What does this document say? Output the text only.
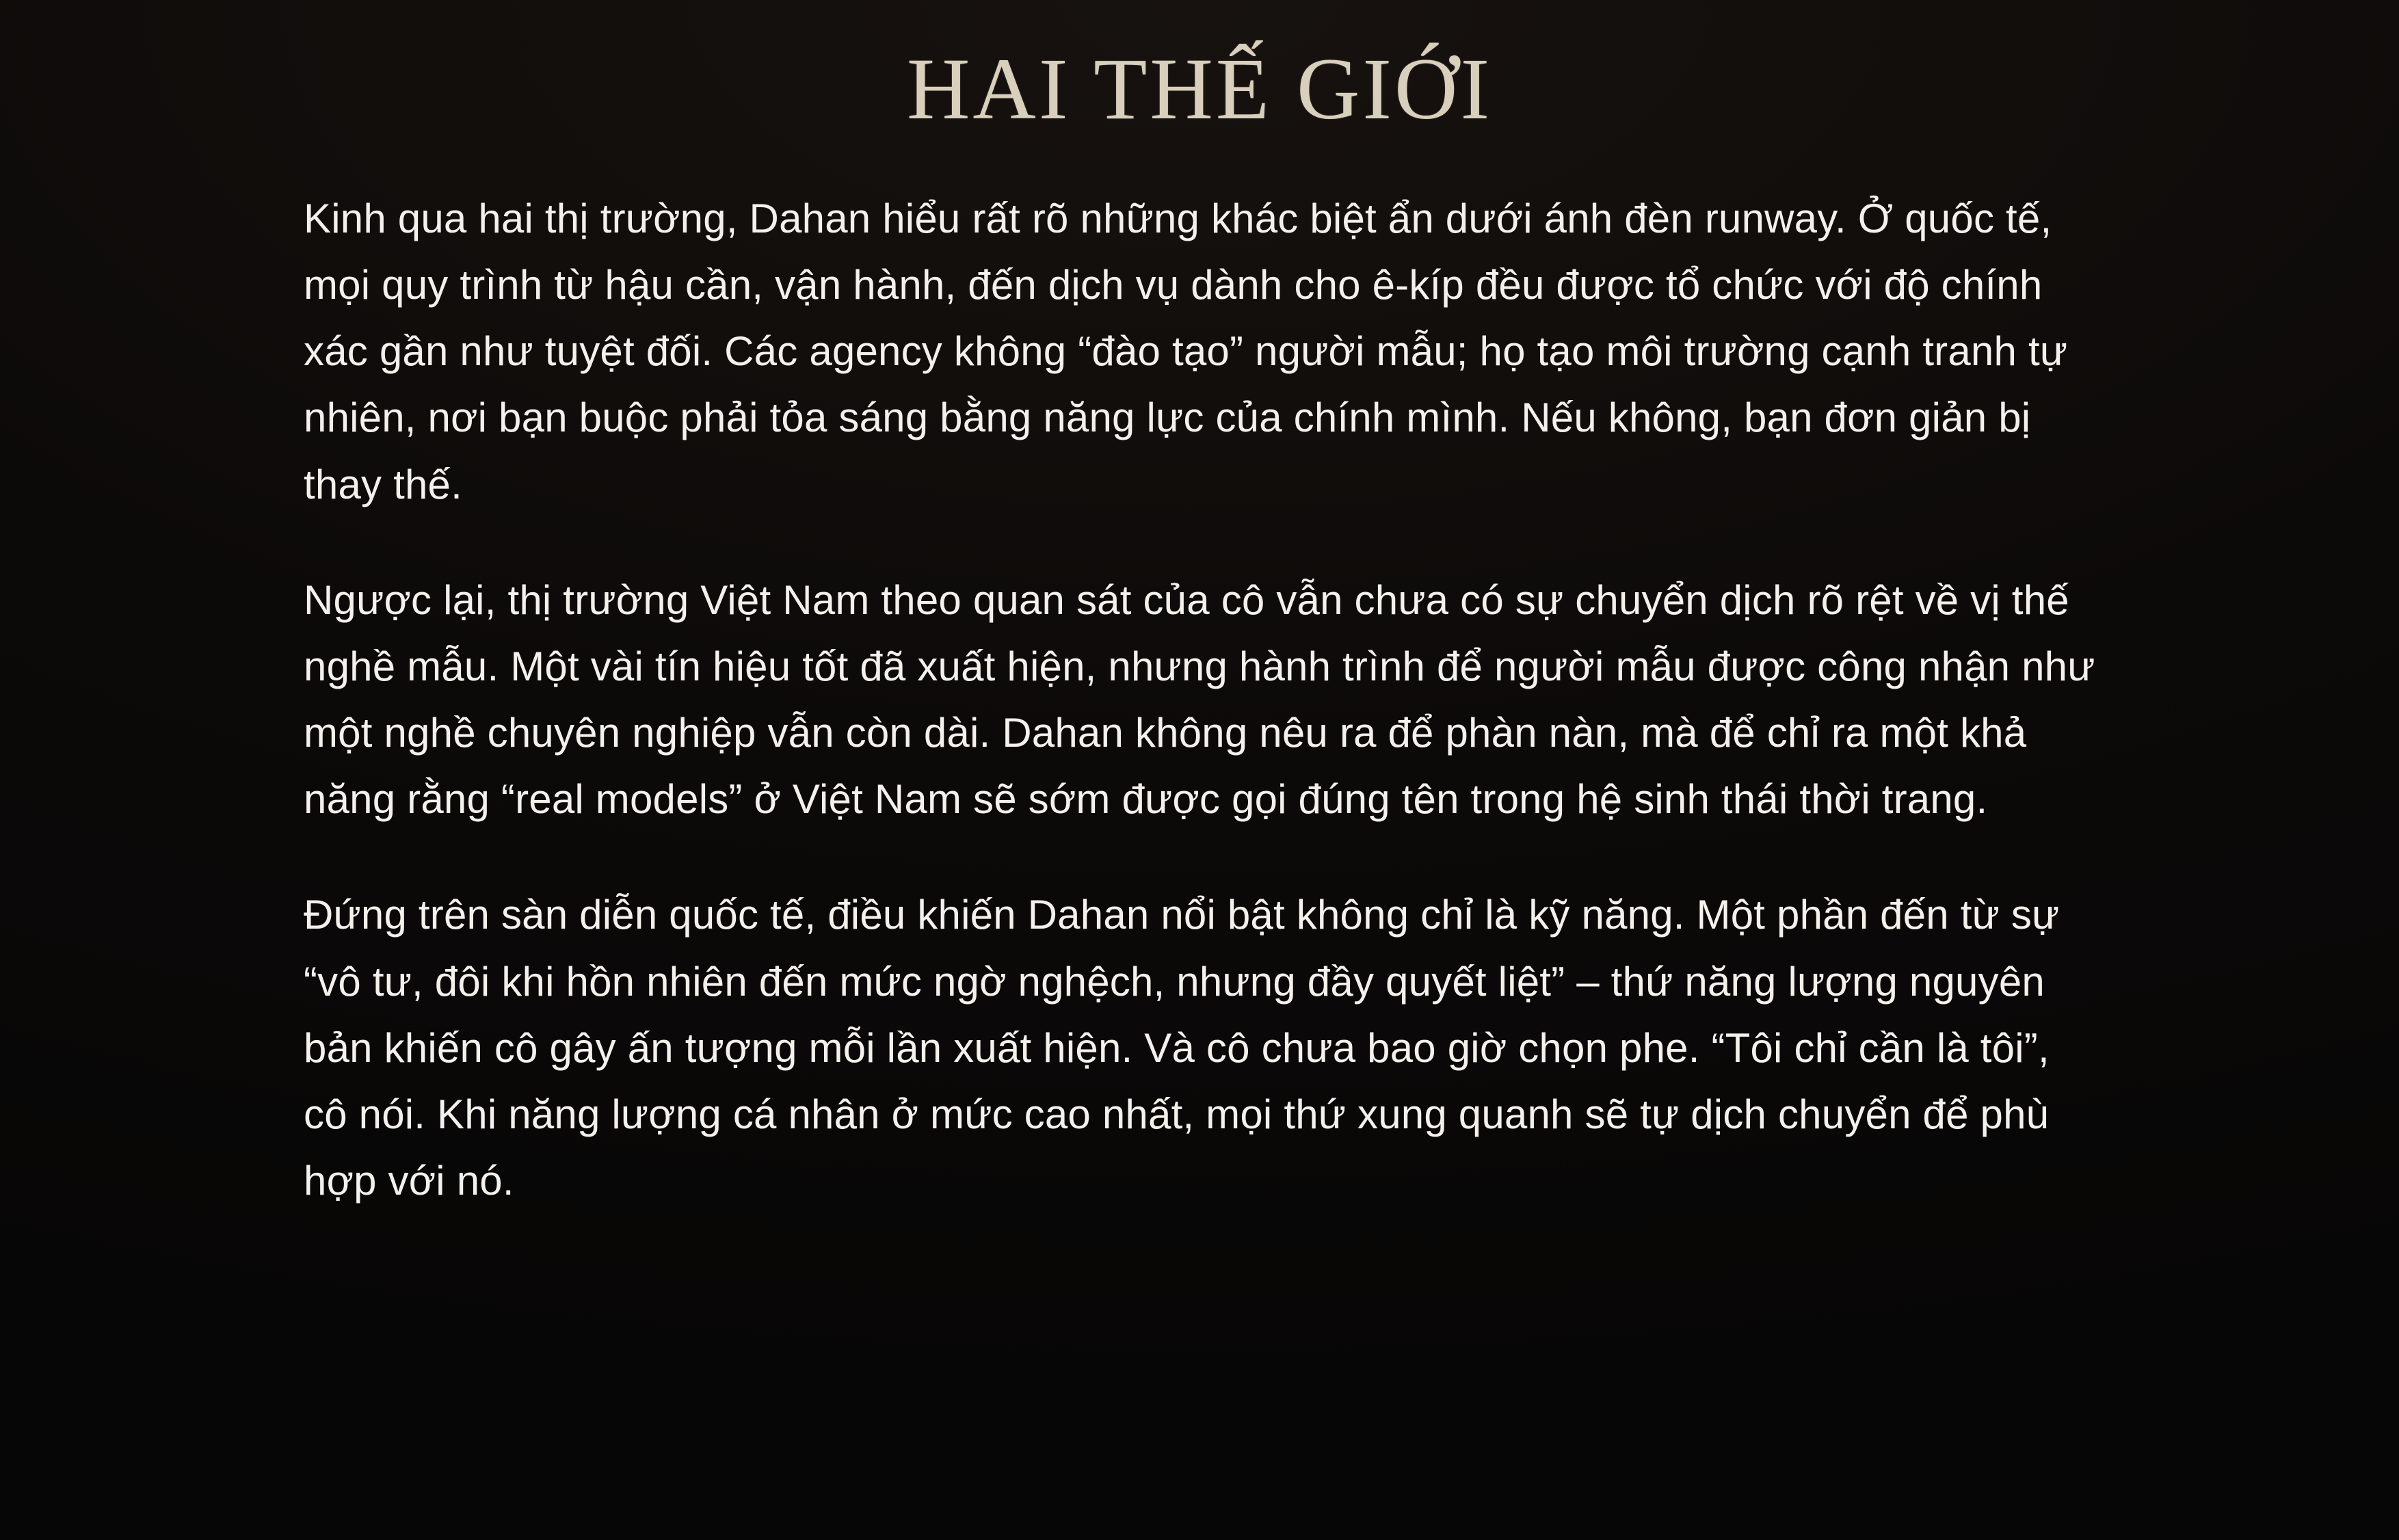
HAI THẾ GIỚI

Kinh qua hai thị trường, Dahan hiểu rất rõ những khác biệt ẩn dưới ánh đèn runway. Ở quốc tế, mọi quy trình từ hậu cần, vận hành, đến dịch vụ dành cho ê-kíp đều được tổ chức với độ chính xác gần như tuyệt đối. Các agency không “đào tạo” người mẫu; họ tạo môi trường cạnh tranh tự nhiên, nơi bạn buộc phải tỏa sáng bằng năng lực của chính mình. Nếu không, bạn đơn giản bị thay thế.

Ngược lại, thị trường Việt Nam theo quan sát của cô vẫn chưa có sự chuyển dịch rõ rệt về vị thế nghề mẫu. Một vài tín hiệu tốt đã xuất hiện, nhưng hành trình để người mẫu được công nhận như một nghề chuyên nghiệp vẫn còn dài. Dahan không nêu ra để phàn nàn, mà để chỉ ra một khả năng rằng “real models” ở Việt Nam sẽ sớm được gọi đúng tên trong hệ sinh thái thời trang.

Đứng trên sàn diễn quốc tế, điều khiến Dahan nổi bật không chỉ là kỹ năng. Một phần đến từ sự “vô tư, đôi khi hồn nhiên đến mức ngờ nghệch, nhưng đầy quyết liệt” – thứ năng lượng nguyên bản khiến cô gây ấn tượng mỗi lần xuất hiện. Và cô chưa bao giờ chọn phe. “Tôi chỉ cần là tôi”, cô nói. Khi năng lượng cá nhân ở mức cao nhất, mọi thứ xung quanh sẽ tự dịch chuyển để phù hợp với nó.
